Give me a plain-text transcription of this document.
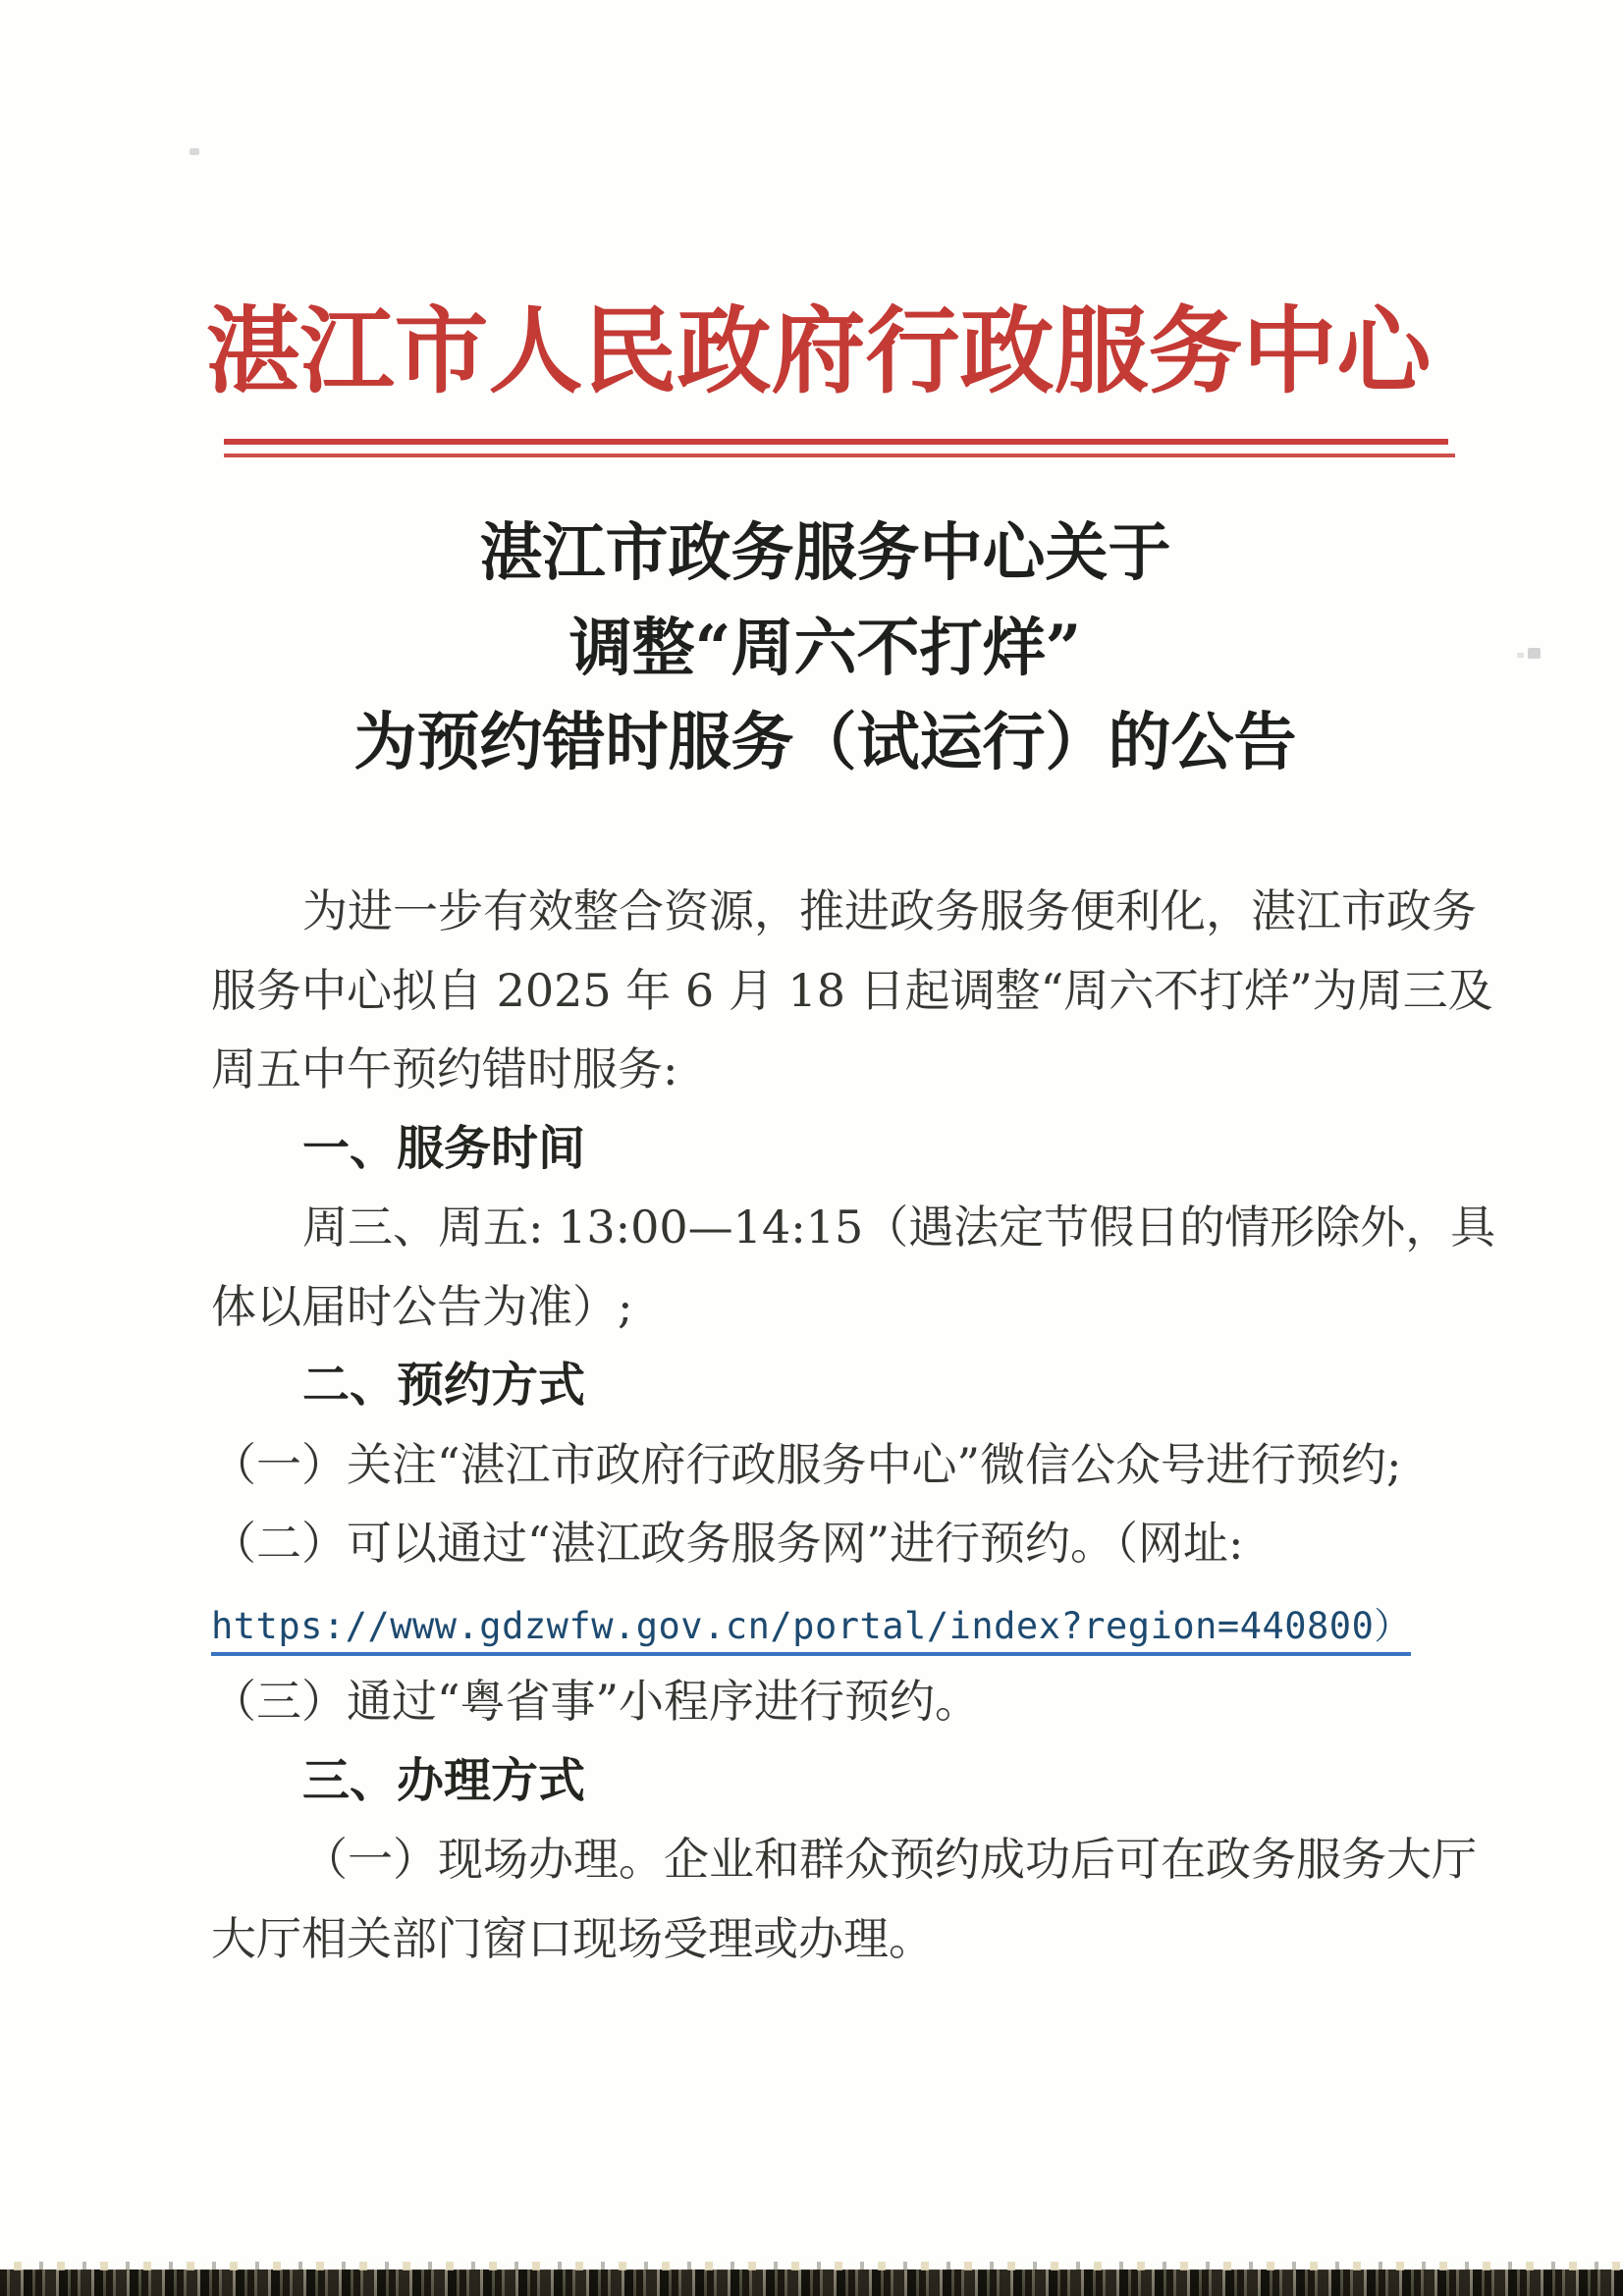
湛江市人民政府行政服务中心
湛江市政务服务中心关于
调整“周六不打烊”
为预约错时服务（试运行）的公告
为进一步有效整合资源，推进政务服务便利化，湛江市政务
服务中心拟自 2025 年 6 月 18 日起调整“周六不打烊”为周三及
周五中午预约错时服务:
一、服务时间
周三、周五: 13:00—14:15（遇法定节假日的情形除外，具
体以届时公告为准）;
二、预约方式
（一）关注“湛江市政府行政服务中心”微信公众号进行预约;
（二）可以通过“湛江政务服务网”进行预约。（网址:
https://www.gdzwfw.gov.cn/portal/index?region=440800）
（三）通过“粤省事”小程序进行预约。
三、办理方式
（一）现场办理。企业和群众预约成功后可在政务服务大厅
大厅相关部门窗口现场受理或办理。
